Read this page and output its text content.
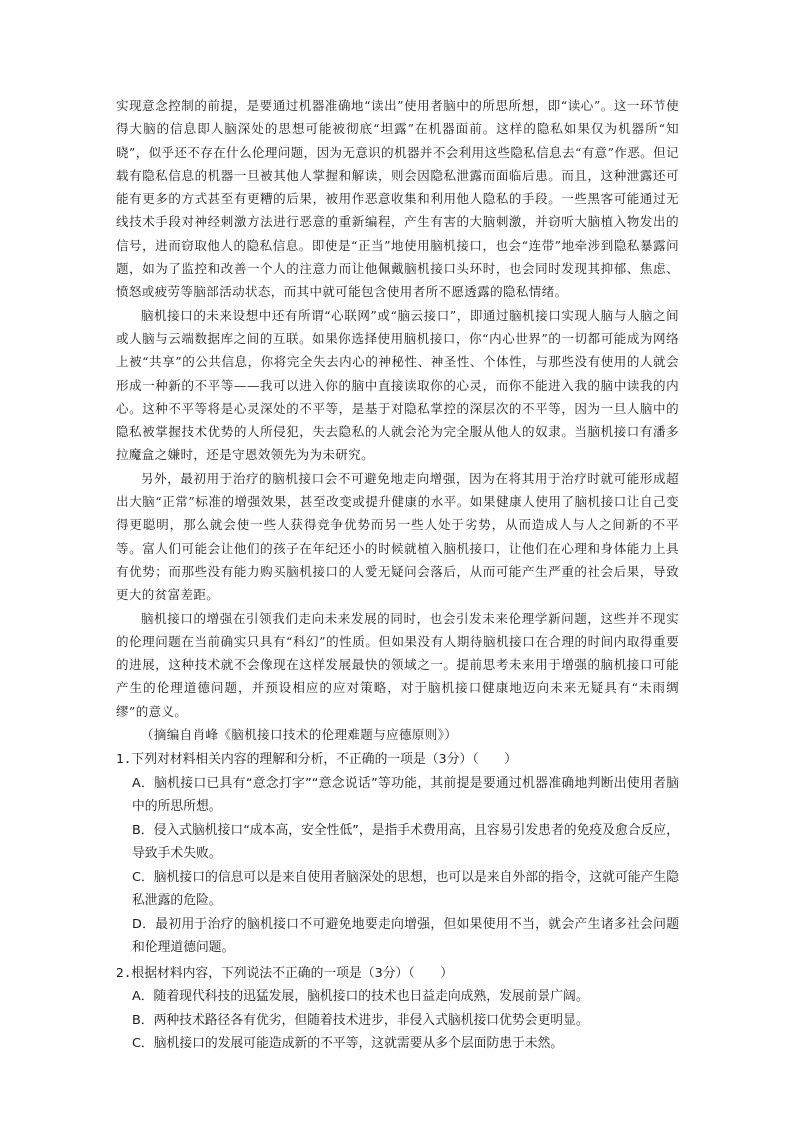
实现意念控制的前提，是要通过机器准确地“读出”使用者脑中的所思所想，即“读心”。这一环节使得大脑的信息即人脑深处的思想可能被彻底“坦露”在机器面前。这样的隐私如果仅为机器所“知晓”，似乎还不存在什么伦理问题，因为无意识的机器并不会利用这些隐私信息去“有意”作恶。但记载有隐私信息的机器一旦被其他人掌握和解读，则会因隐私泄露而面临后患。而且，这种泄露还可能有更多的方式甚至有更糟的后果，被用作恶意收集和利用他人隐私的手段。一些黑客可能通过无线技术手段对神经刺激方法进行恶意的重新编程，产生有害的大脑刺激，并窃听大脑植入物发出的信号，进而窃取他人的隐私信息。即使是“正当”地使用脑机接口，也会“连带”地牵涉到隐私暴露问题，如为了监控和改善一个人的注意力而让他佩戴脑机接口头环时，也会同时发现其抑郁、焦虑、愤怒或疲劳等脑部活动状态，而其中就可能包含使用者所不愿透露的隐私情绪。

脑机接口的未来设想中还有所谓“心联网”或“脑云接口”，即通过脑机接口实现人脑与人脑之间或人脑与云端数据库之间的互联。如果你选择使用脑机接口，你“内心世界”的一切都可能成为网络上被“共享”的公共信息，你将完全失去内心的神秘性、神圣性、个体性，与那些没有使用的人就会形成一种新的不平等——我可以进入你的脑中直接读取你的心灵，而你不能进入我的脑中读我的内心。这种不平等将是心灵深处的不平等，是基于对隐私掌控的深层次的不平等，因为一旦人脑中的隐私被掌握技术优势的人所侵犯，失去隐私的人就会沦为完全服从他人的奴隶。当脑机接口有潘多拉魔盒之嫌时，还是守恩效领先为为未研究。

另外，最初用于治疗的脑机接口会不可避免地走向增强，因为在将其用于治疗时就可能形成超出大脑“正常”标准的增强效果，甚至改变或提升健康的水平。如果健康人使用了脑机接口让自己变得更聪明，那么就会使一些人获得竞争优势而另一些人处于劣势，从而造成人与人之间新的不平等。富人们可能会让他们的孩子在年纪还小的时候就植入脑机接口，让他们在心理和身体能力上具有优势；而那些没有能力购买脑机接口的人愛无疑问会落后，从而可能产生严重的社会后果，导致更大的贫富差距。

脑机接口的增强在引领我们走向未来发展的同时，也会引发未来伦理学新问题，这些并不现实的伦理问题在当前确实只具有“科幻”的性质。但如果没有人期待脑机接口在合理的时间内取得重要的进展，这种技术就不会像现在这样发展最快的领域之一。提前思考未来用于增强的脑机接口可能产生的伦理道德问题，并预设相应的应对策略，对于脑机接口健康地迈向未来无疑具有“未雨绸缪”的意义。

（摘编自肖峰《脑机接口技术的伦理难题与应德原则》）

1.下列对材料相关内容的理解和分析，不正确的一项是（3分）（　　）

A．脑机接口已具有“意念打字”“意念说话”等功能，其前提是要通过机器准确地判断出使用者脑中的所思所想。

B．侵入式脑机接口“成本高，安全性低”，是指手术费用高，且容易引发患者的免疫及愈合反应，导致手术失败。

C．脑机接口的信息可以是来自使用者脑深处的思想，也可以是来自外部的指令，这就可能产生隐私泄露的危险。

D．最初用于治疗的脑机接口不可避免地要走向增强，但如果使用不当，就会产生诸多社会问题和伦理道德问题。

2.根据材料内容，下列说法不正确的一项是（3分）（　　）

A．随着现代科技的迅猛发展，脑机接口的技术也日益走向成熟，发展前景广阔。

B．两种技术路径各有优劣，但随着技术进步，非侵入式脑机接口优势会更明显。

C．脑机接口的发展可能造成新的不平等，这就需要从多个层面防患于未然。
